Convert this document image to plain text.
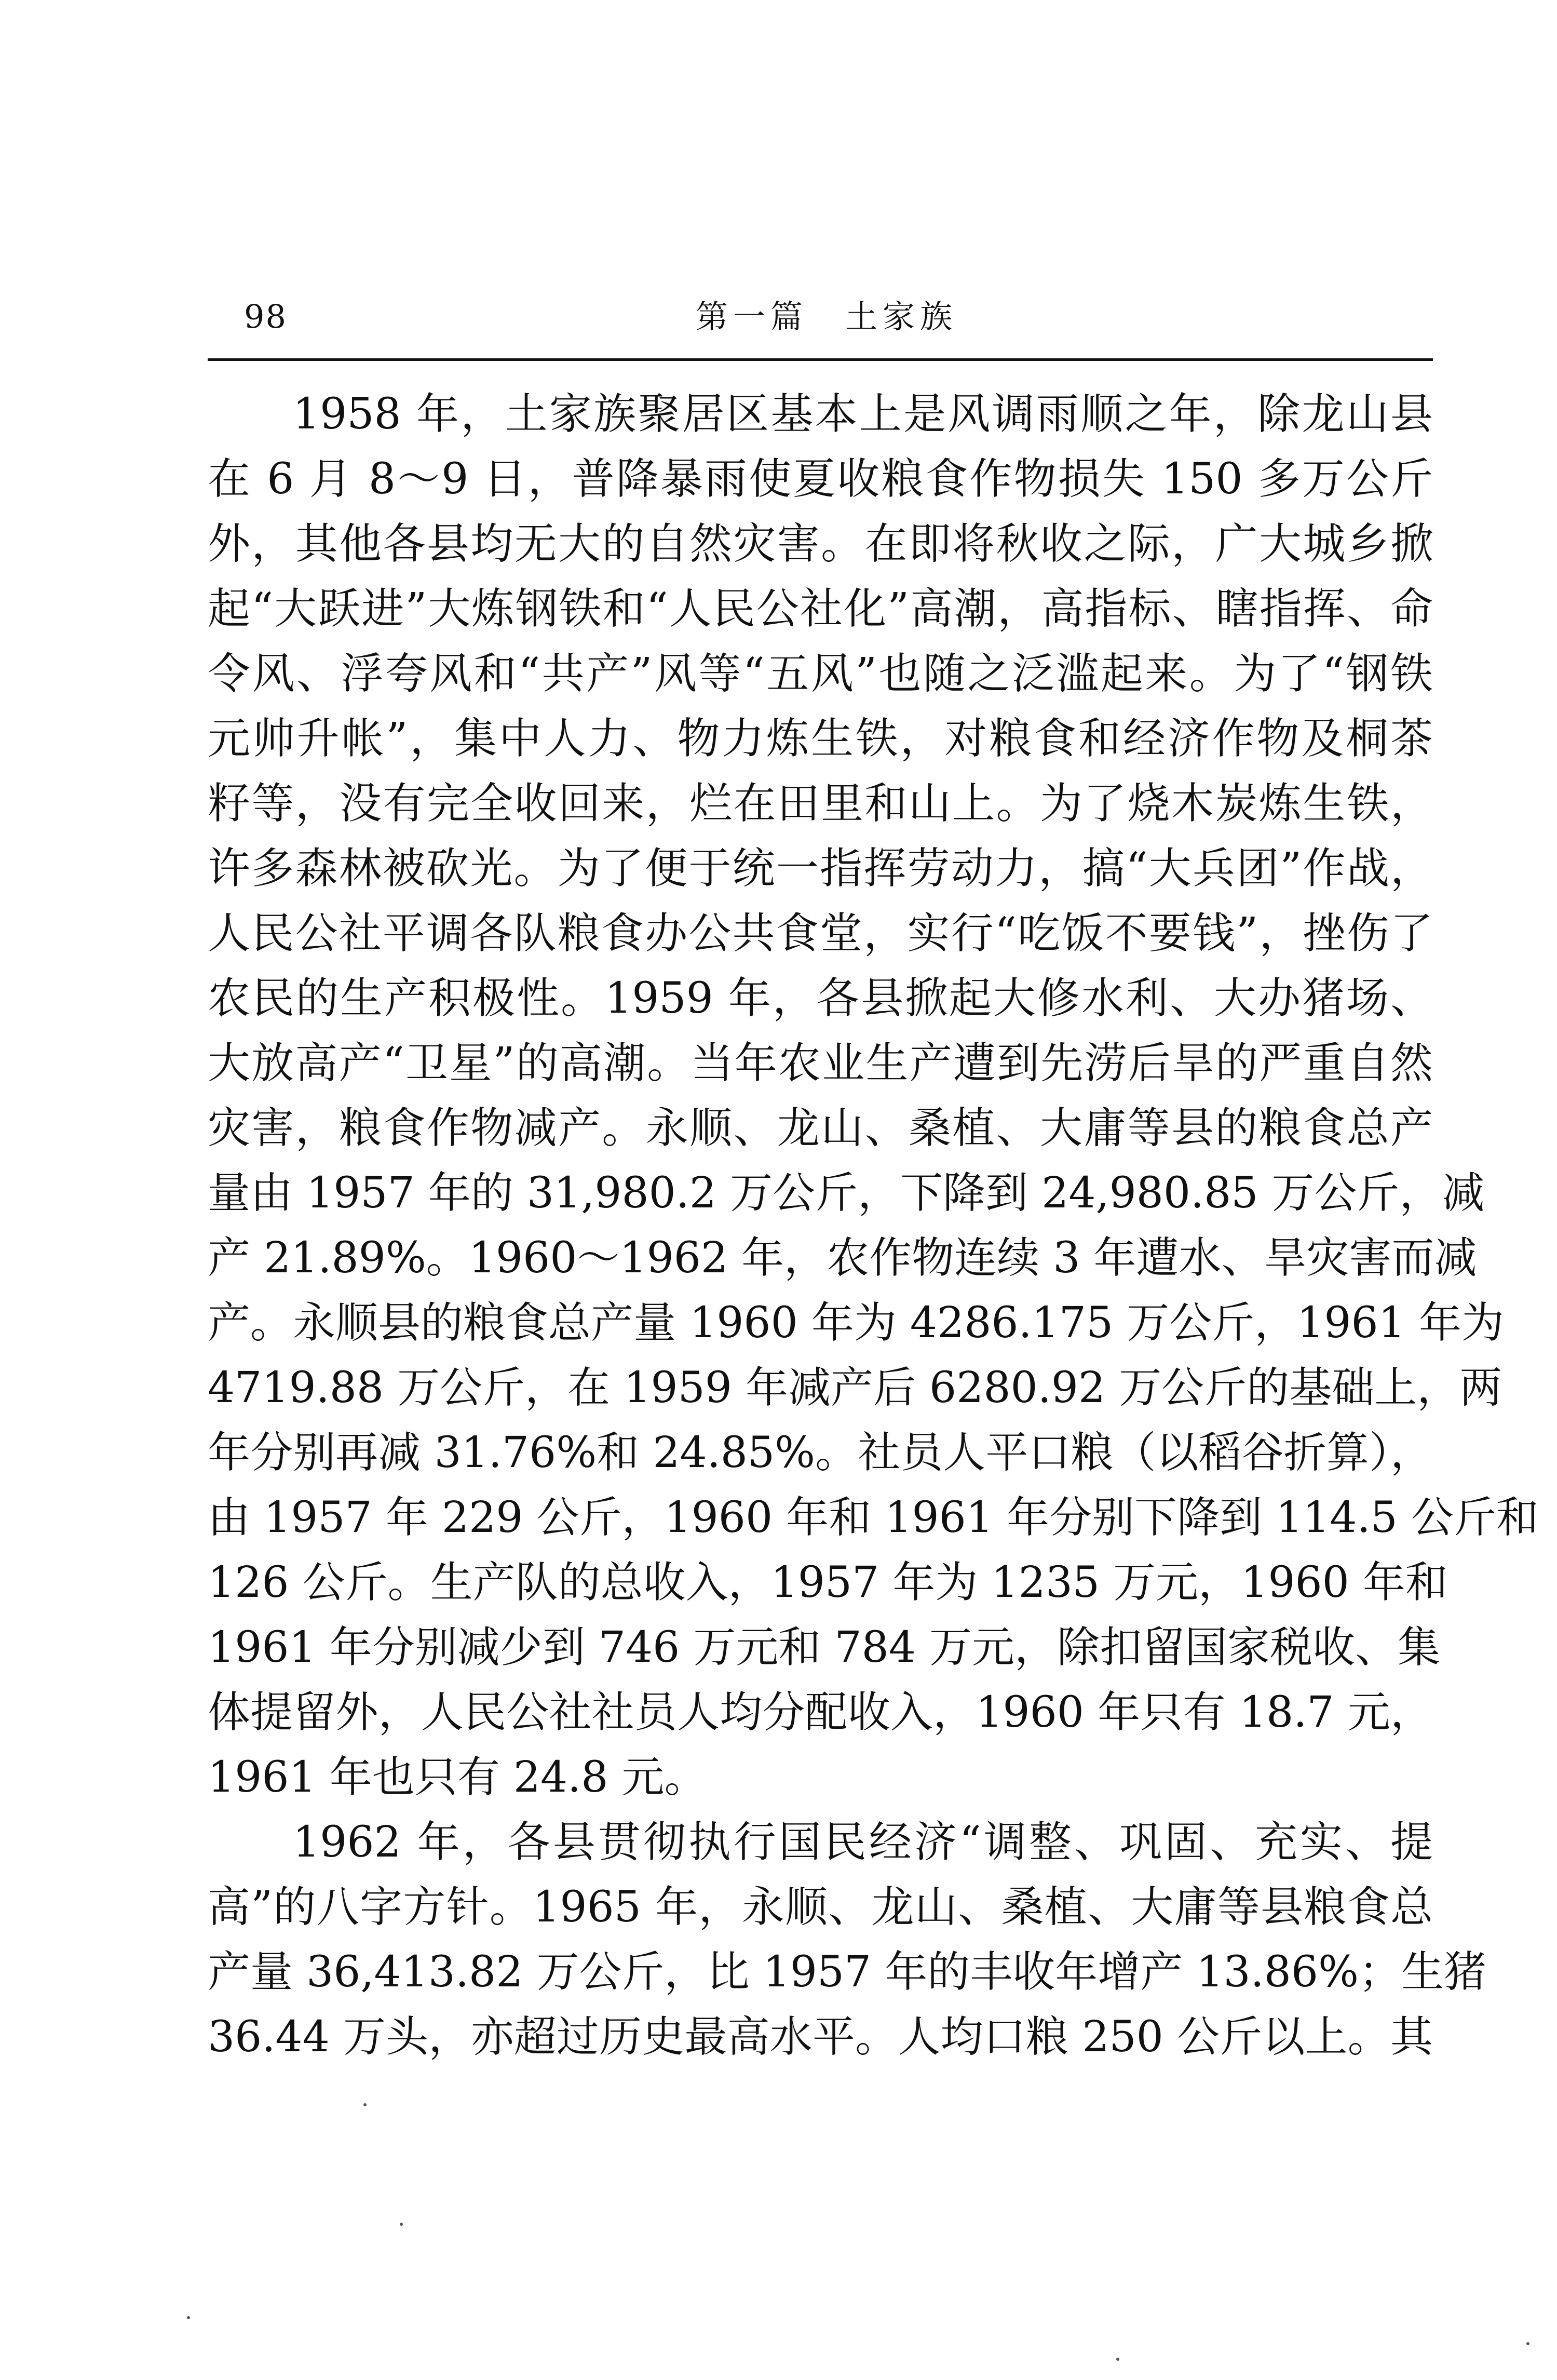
98	第一篇　土家族
1958 年，土家族聚居区基本上是风调雨顺之年，除龙山县
在 6 月 8～9 日，普降暴雨使夏收粮食作物损失 150 多万公斤
外，其他各县均无大的自然灾害。在即将秋收之际，广大城乡掀
起“大跃进”大炼钢铁和“人民公社化”高潮，高指标、瞎指挥、命
令风、浮夸风和“共产”风等“五风”也随之泛滥起来。为了“钢铁
元帅升帐”，集中人力、物力炼生铁，对粮食和经济作物及桐茶
籽等，没有完全收回来，烂在田里和山上。为了烧木炭炼生铁，
许多森林被砍光。为了便于统一指挥劳动力，搞“大兵团”作战，
人民公社平调各队粮食办公共食堂，实行“吃饭不要钱”，挫伤了
农民的生产积极性。1959 年，各县掀起大修水利、大办猪场、
大放高产“卫星”的高潮。当年农业生产遭到先涝后旱的严重自然
灾害，粮食作物减产。永顺、龙山、桑植、大庸等县的粮食总产
量由 1957 年的 31,980.2 万公斤，下降到 24,980.85 万公斤，减
产 21.89%。1960～1962 年，农作物连续 3 年遭水、旱灾害而减
产。永顺县的粮食总产量 1960 年为 4286.175 万公斤，1961 年为
4719.88 万公斤，在 1959 年减产后 6280.92 万公斤的基础上，两
年分别再减 31.76%和 24.85%。社员人平口粮（以稻谷折算），
由 1957 年 229 公斤，1960 年和 1961 年分别下降到 114.5 公斤和
126 公斤。生产队的总收入，1957 年为 1235 万元，1960 年和
1961 年分别减少到 746 万元和 784 万元，除扣留国家税收、集
体提留外，人民公社社员人均分配收入，1960 年只有 18.7 元，
1961 年也只有 24.8 元。
1962 年，各县贯彻执行国民经济“调整、巩固、充实、提
高”的八字方针。1965 年，永顺、龙山、桑植、大庸等县粮食总
产量 36,413.82 万公斤，比 1957 年的丰收年增产 13.86%；生猪
36.44 万头，亦超过历史最高水平。人均口粮 250 公斤以上。其
